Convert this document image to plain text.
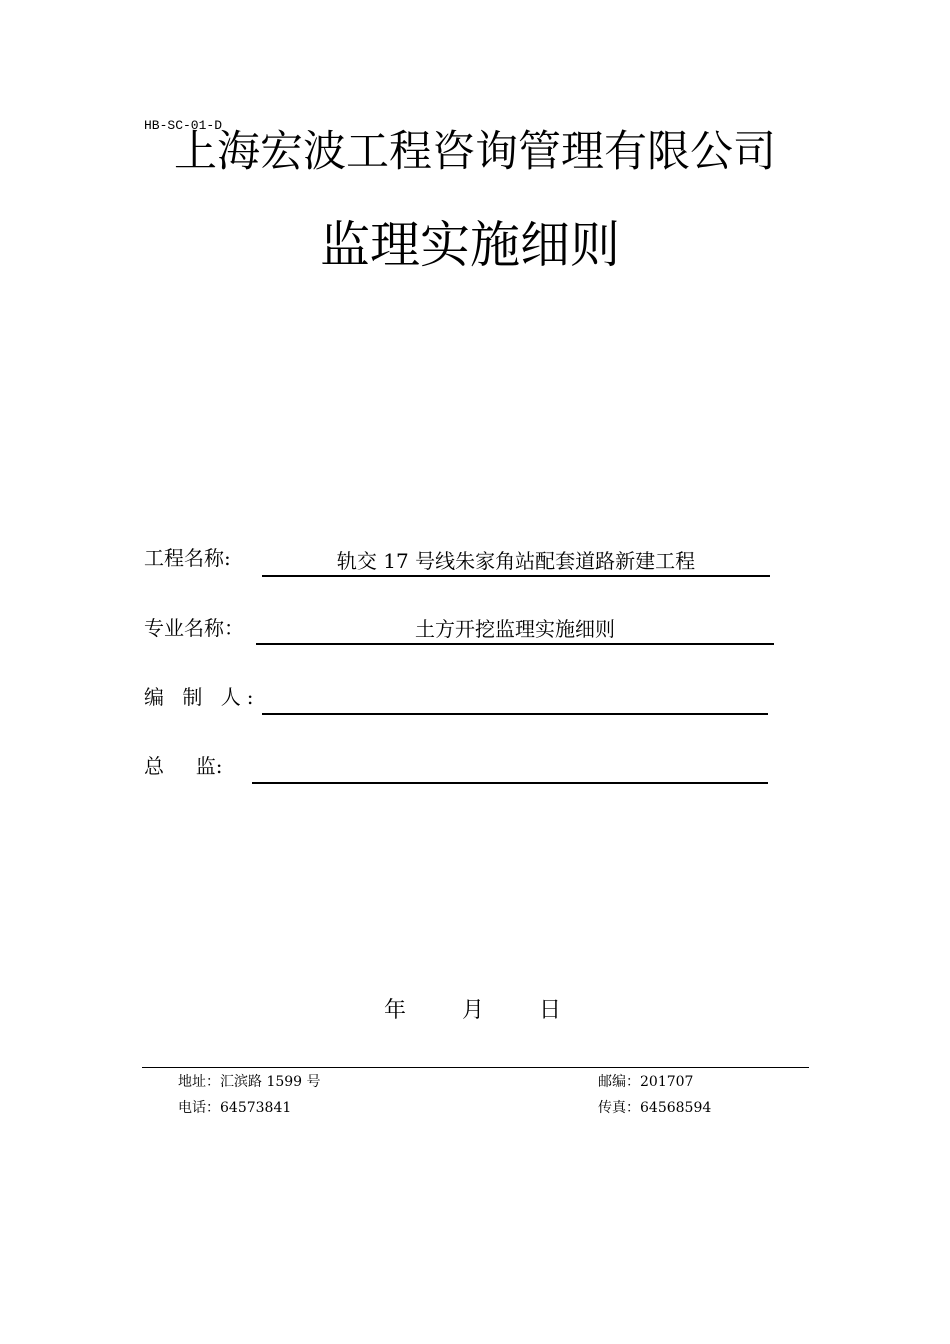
HB-SC-01-D
上海宏波工程咨询管理有限公司
监理实施细则
工程名称:	轨交 17 号线朱家角站配套道路新建工程
专业名称：	土方开挖监理实施细则
编 制 人:
总     监:
年	月 日
地址：汇滨路 1599 号	邮编：201707
电话：64573841	传真：64568594
